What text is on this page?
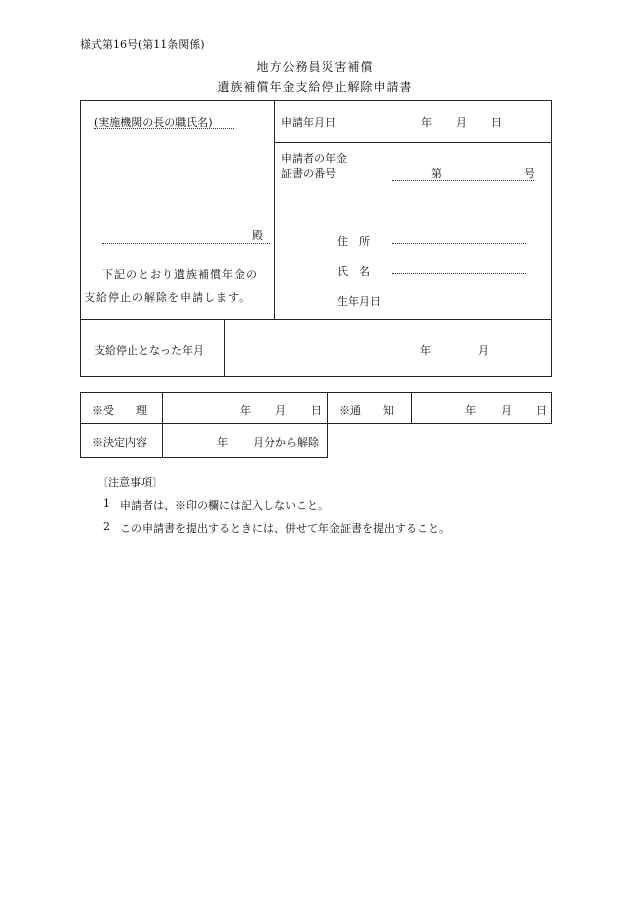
様式第16号(第11条関係)
地方公務員災害補償
遺族補償年金支給停止解除申請書
(実施機関の長の職氏名)
殿
下記のとおり遺族補償年金の
支給停止の解除を申請します。
申請年月日	年 月 日
申請者の年金
証書の番号	第	号
住　所
氏　名
生年月日
支給停止となった年月	年	月
※受　　理	年 月 日 ※通　　知	年 月 日
※決定内容	年 月分から解除
〔注意事項〕
1 申請者は、※印の欄には記入しないこと。
2 この申請書を提出するときには、併せて年金証書を提出すること。
